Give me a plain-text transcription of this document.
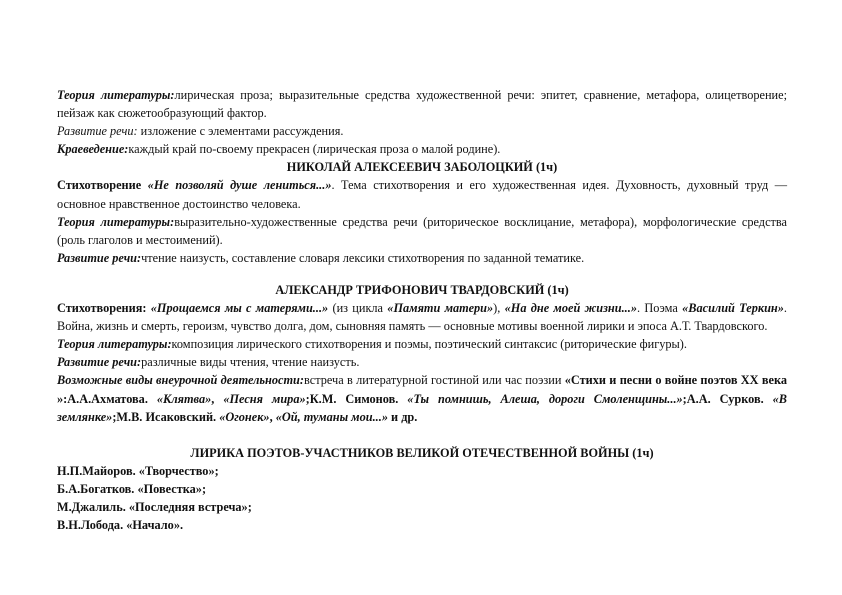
Теория литературы:лирическая проза; выразительные средства художественной речи: эпитет, сравнение, метафора, олицетворение; пейзаж как сюжетообразующий фактор.

Развитие речи: изложение с элементами рассуждения.

Краеведение:каждый край по-своему прекрасен (лирическая проза о малой родине).

НИКОЛАЙ АЛЕКСЕЕВИЧ ЗАБОЛОЦКИЙ (1ч)

Стихотворение «Не позволяй душе лениться...». Тема стихотворения и его художественная идея. Духовность, духовный труд — основное нравственное достоинство человека.

Теория литературы:выразительно-художественные средства речи (риторическое восклицание, метафора), морфологические средства (роль глаголов и местоимений).

Развитие речи:чтение наизусть, составление словаря лексики стихотворения по заданной тематике.

АЛЕКСАНДР ТРИФОНОВИЧ ТВАРДОВСКИЙ (1ч)

Стихотворения: «Прощаемся мы с матерями...» (из цикла «Памяти матери»), «На дне моей жизни...». Поэма «Василий Теркин». Война, жизнь и смерть, героизм, чувство долга, дом, сыновняя память — основные мотивы военной лирики и эпоса А.Т. Твардовского.

Теория литературы:композиция лирического стихотворения и поэмы, поэтический синтаксис (риторические фигуры).

Развитие речи:различные виды чтения, чтение наизусть.

Возможные виды внеурочной деятельности:встреча в литературной гостиной или час поэзии «Стихи и песни о войне поэтов XX века »:А.А.Ахматова. «Клятва», «Песня мира»;К.М. Симонов. «Ты помнишь, Алеша, дороги Смоленщины...»;А.А. Сурков. «В землянке»;М.В. Исаковский. «Огонек», «Ой, туманы мои...» и др.

ЛИРИКА ПОЭТОВ-УЧАСТНИКОВ ВЕЛИКОЙ ОТЕЧЕСТВЕННОЙ ВОЙНЫ (1ч)

Н.П.Майоров. «Творчество»;

Б.А.Богатков. «Повестка»;

М.Джалиль. «Последняя встреча»;

В.Н.Лобода. «Начало».
